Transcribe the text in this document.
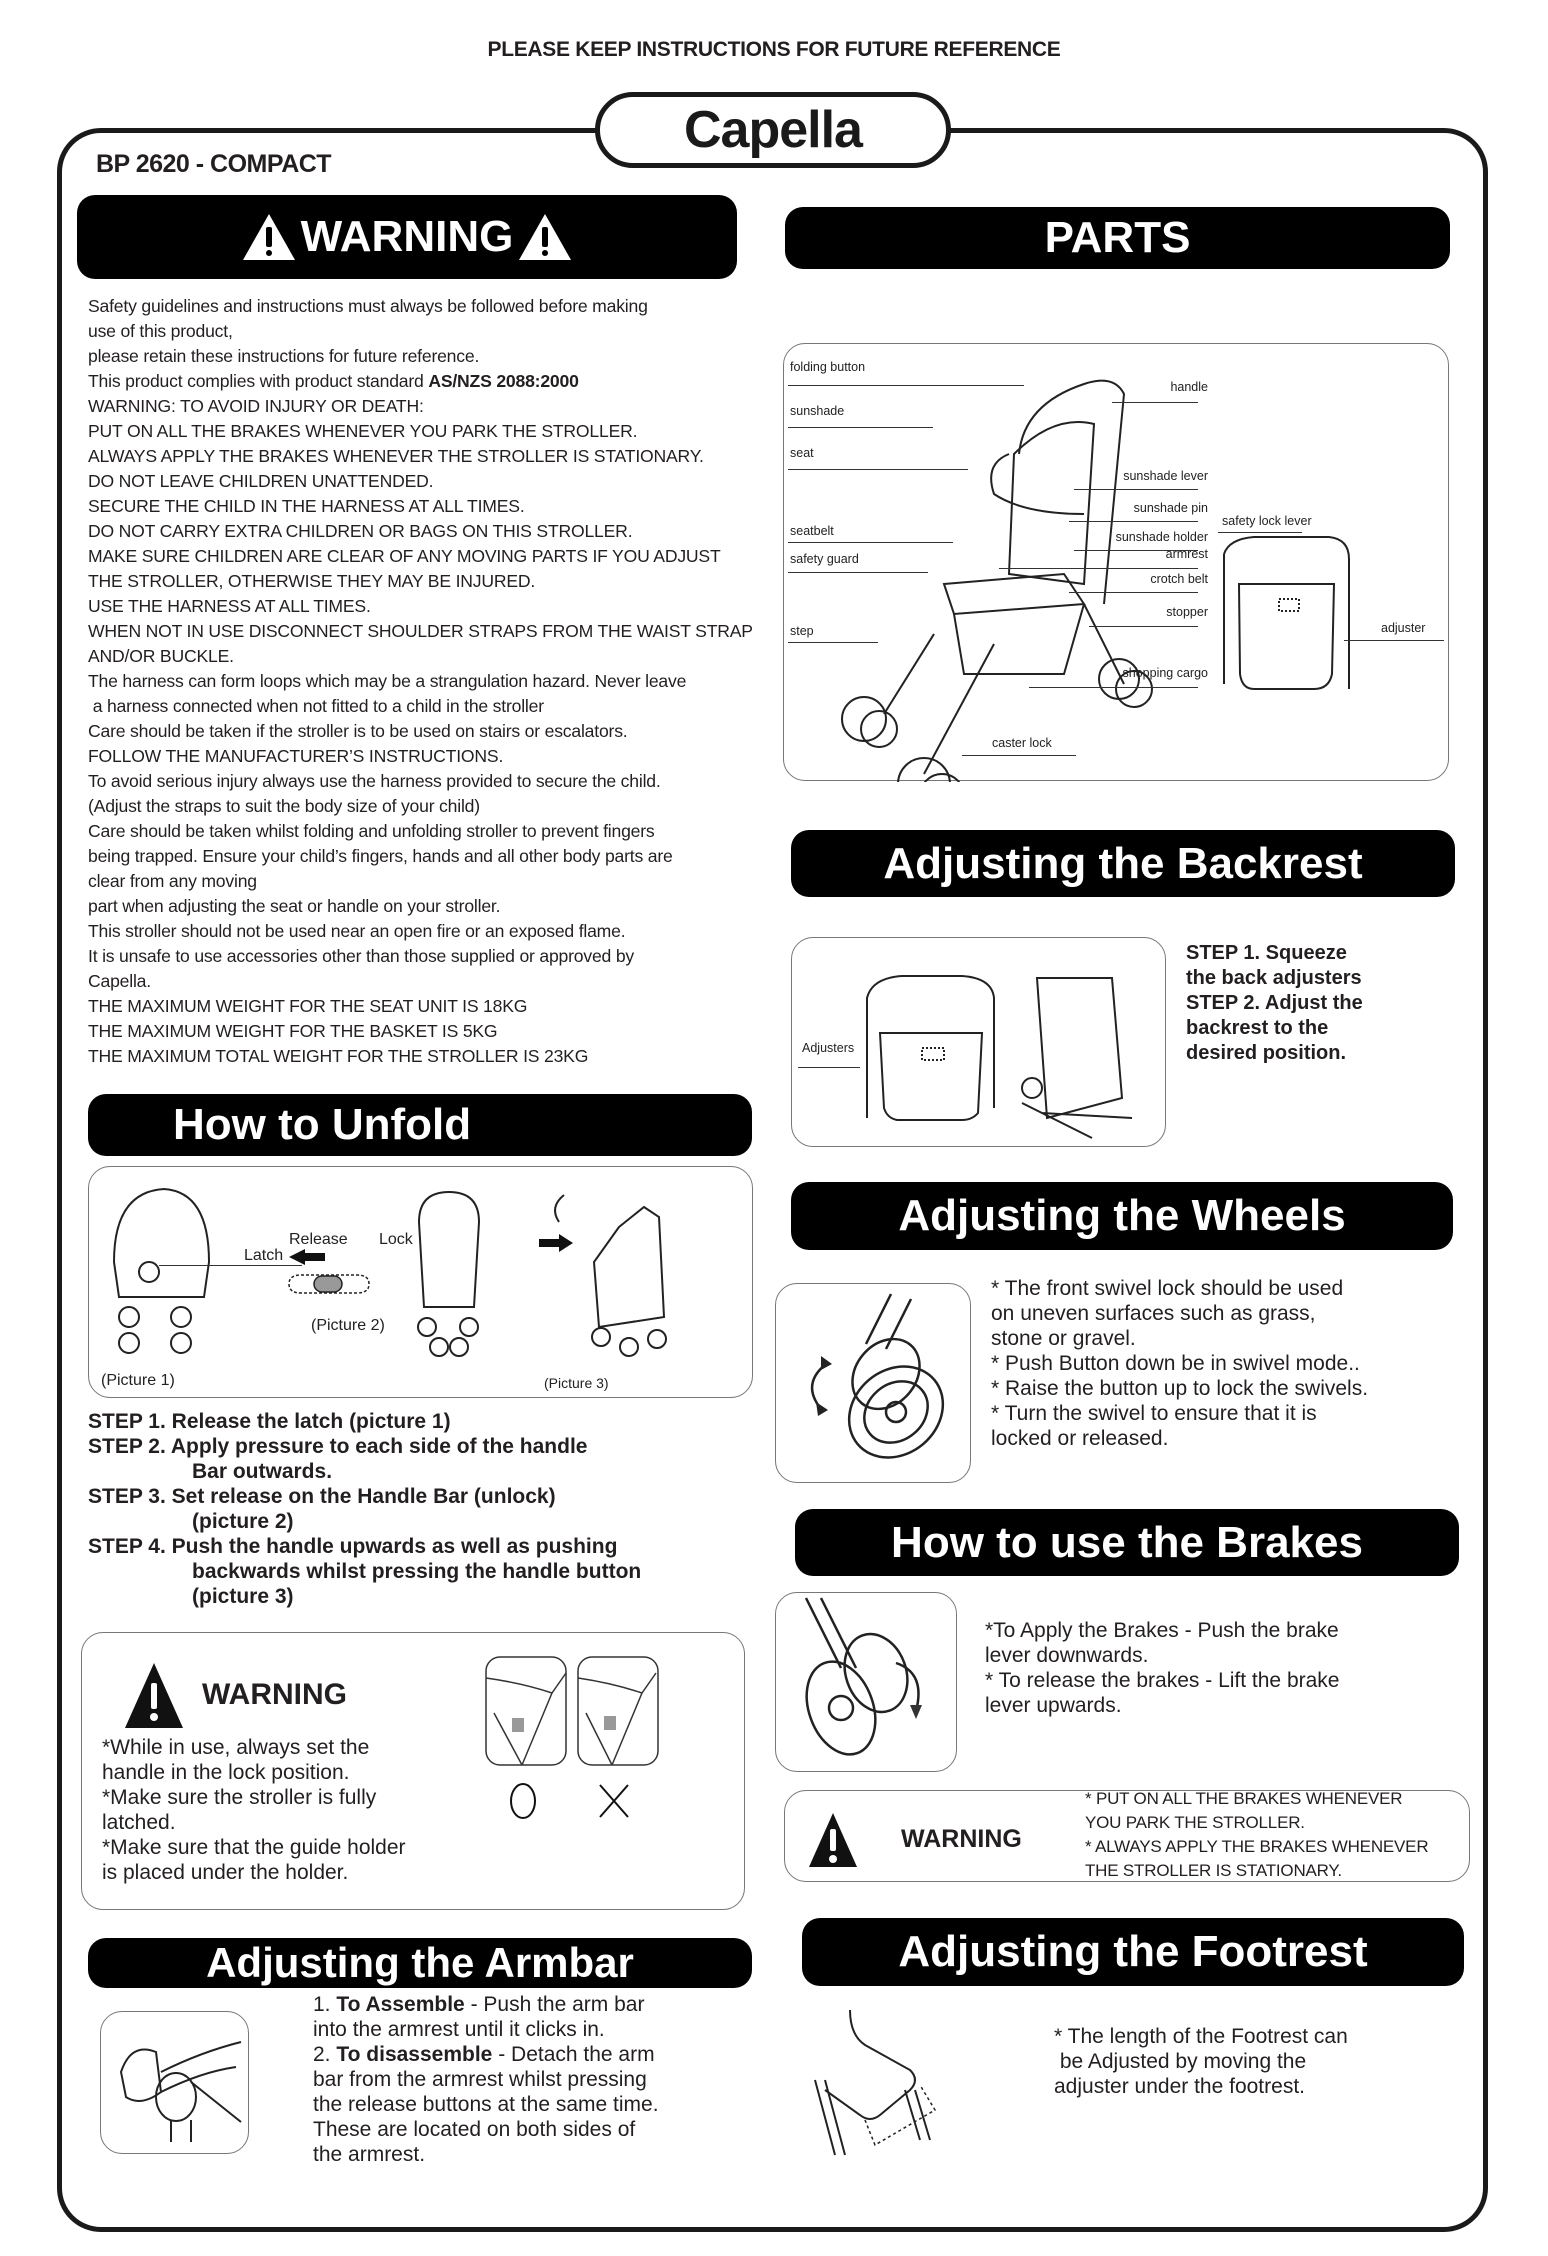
PLEASE KEEP INSTRUCTIONS FOR FUTURE REFERENCE
Capella
BP 2620 - COMPACT
WARNING
Safety guidelines and instructions must always be followed before making
use of this product,
please retain these instructions for future reference.
This product complies with product standard AS/NZS 2088:2000
WARNING: TO AVOID INJURY OR DEATH:
PUT ON ALL THE BRAKES WHENEVER YOU PARK THE STROLLER.
ALWAYS APPLY THE BRAKES WHENEVER THE STROLLER IS STATIONARY.
DO NOT LEAVE CHILDREN UNATTENDED.
SECURE THE CHILD IN THE HARNESS AT ALL TIMES.
DO NOT CARRY EXTRA CHILDREN OR BAGS ON THIS STROLLER.
MAKE SURE CHILDREN ARE CLEAR OF ANY MOVING PARTS IF YOU ADJUST
THE STROLLER, OTHERWISE THEY MAY BE INJURED.
USE THE HARNESS AT ALL TIMES.
WHEN NOT IN USE DISCONNECT SHOULDER STRAPS FROM THE WAIST STRAP
AND/OR BUCKLE.
The harness can form loops which may be a strangulation hazard. Never leave
a harness connected when not fitted to a child in the stroller
Care should be taken if the stroller is to be used on stairs or escalators.
FOLLOW THE MANUFACTURER’S INSTRUCTIONS.
To avoid serious injury always use the harness provided to secure the child.
(Adjust the straps to suit the body size of your child)
Care should be taken whilst folding and unfolding stroller to prevent fingers
being trapped. Ensure your child’s fingers, hands and all other body parts are
clear from any moving
part when adjusting the seat or handle on your stroller.
This stroller should not be used near an open fire or an exposed flame.
It is unsafe to use accessories other than those supplied or approved by
Capella.
THE MAXIMUM WEIGHT FOR THE SEAT UNIT IS 18KG
THE MAXIMUM WEIGHT FOR THE BASKET IS 5KG
THE MAXIMUM TOTAL WEIGHT FOR THE STROLLER IS 23KG
PARTS
folding button
sunshade
seat
seatbelt
safety guard
step
handle
sunshade lever
sunshade pin
sunshade holder
armrest
crotch belt
stopper
shopping cargo
caster lock
safety lock lever
adjuster
Adjusting the Backrest
Adjusters
STEP 1. Squeeze
the back adjusters
STEP 2. Adjust the
backrest to the
desired position.
How to Unfold
Latch
Release Lock
(Picture 2)
(Picture 1)	(Picture 3)
STEP 1. Release the latch (picture 1)
STEP 2. Apply pressure to each side of the handle
Bar outwards.
STEP 3. Set release on the Handle Bar (unlock)
(picture 2)
STEP 4. Push the handle upwards as well as pushing
backwards whilst pressing the handle button
(picture 3)
WARNING
*While in use, always set the
handle in the lock position.
*Make sure the stroller is fully
latched.
*Make sure that the guide holder
is placed under the holder.
Adjusting the Wheels
* The front swivel lock should be used
on uneven surfaces such as grass,
stone or gravel.
* Push Button down be in swivel mode..
* Raise the button up to lock the swivels.
* Turn the swivel to ensure that it is
locked or released.
How to use the Brakes
*To Apply the Brakes - Push the brake
lever downwards.
* To release the brakes - Lift the brake
lever upwards.
WARNING
* PUT ON ALL THE BRAKES WHENEVER
YOU PARK THE STROLLER.
* ALWAYS APPLY THE BRAKES WHENEVER
THE STROLLER IS STATIONARY.
Adjusting the Armbar
1. To Assemble - Push the arm bar
into the armrest until it clicks in.
2. To disassemble - Detach the arm
bar from the armrest whilst pressing
the release buttons at the same time.
These are located on both sides of
the armrest.
Adjusting the Footrest
* The length of the Footrest can
be Adjusted by moving the
adjuster under the footrest.
